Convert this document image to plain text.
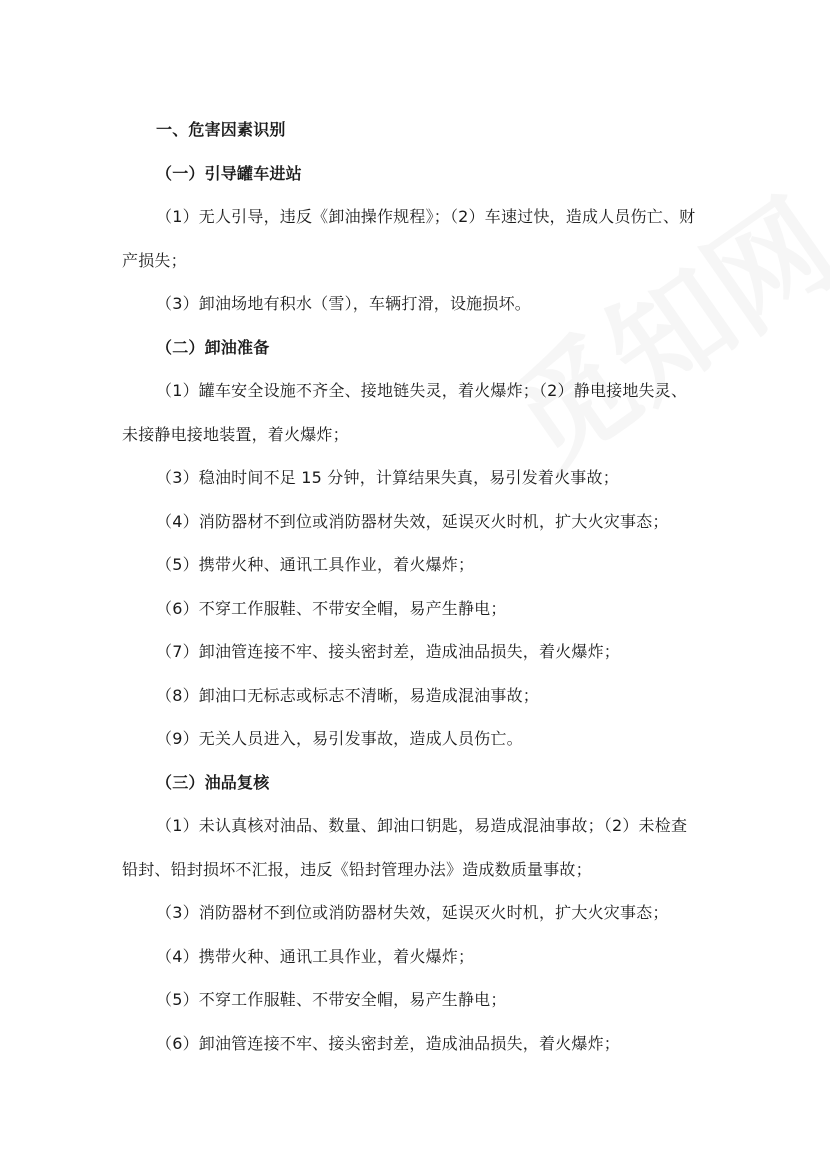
一、危害因素识别
（一）引导罐车进站
（1）无人引导，违反《卸油操作规程》；（2）车速过快，造成人员伤亡、财
产损失；
（3）卸油场地有积水（雪），车辆打滑，设施损坏。
（二）卸油准备
（1）罐车安全设施不齐全、接地链失灵，着火爆炸；（2）静电接地失灵、
未接静电接地装置，着火爆炸；
（3）稳油时间不足 15 分钟，计算结果失真，易引发着火事故；
（4）消防器材不到位或消防器材失效，延误灭火时机，扩大火灾事态；
（5）携带火种、通讯工具作业，着火爆炸；
（6）不穿工作服鞋、不带安全帽，易产生静电；
（7）卸油管连接不牢、接头密封差，造成油品损失，着火爆炸；
（8）卸油口无标志或标志不清晰，易造成混油事故；
（9）无关人员进入，易引发事故，造成人员伤亡。
（三）油品复核
（1）未认真核对油品、数量、卸油口钥匙，易造成混油事故；（2）未检查
铅封、铅封损坏不汇报，违反《铅封管理办法》造成数质量事故；
（3）消防器材不到位或消防器材失效，延误灭火时机，扩大火灾事态；
（4）携带火种、通讯工具作业，着火爆炸；
（5）不穿工作服鞋、不带安全帽，易产生静电；
（6）卸油管连接不牢、接头密封差，造成油品损失，着火爆炸；
